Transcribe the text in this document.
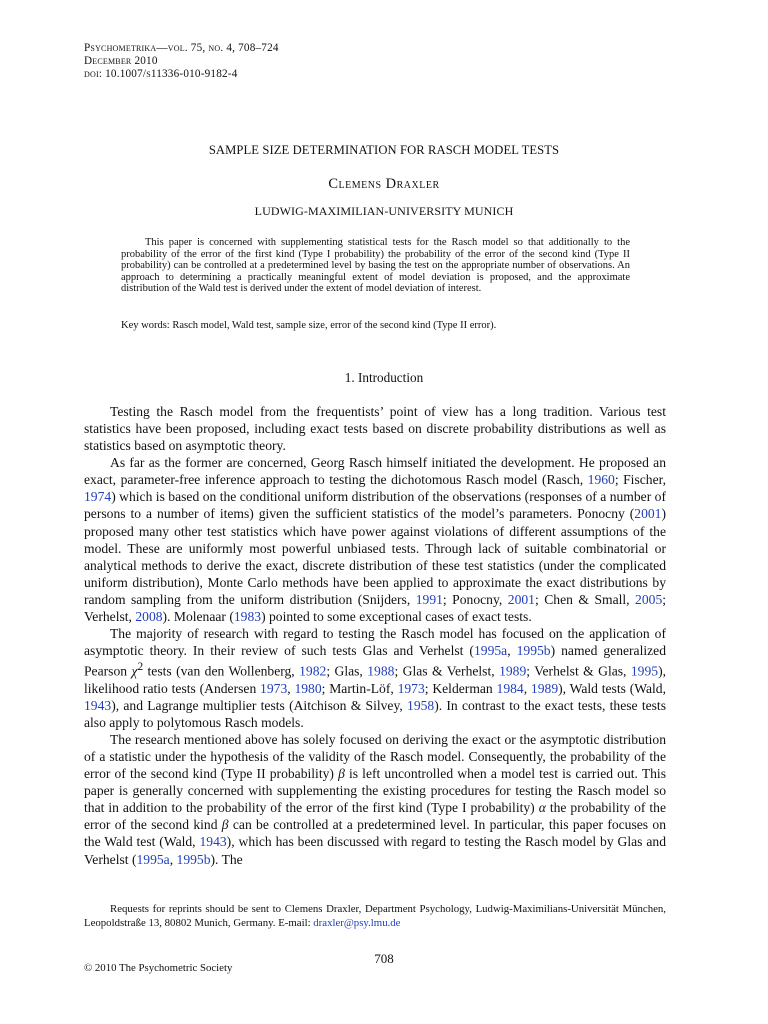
Psychometrika—vol. 75, no. 4, 708–724
December 2010
doi: 10.1007/s11336-010-9182-4
SAMPLE SIZE DETERMINATION FOR RASCH MODEL TESTS
Clemens Draxler
LUDWIG-MAXIMILIAN-UNIVERSITY MUNICH
This paper is concerned with supplementing statistical tests for the Rasch model so that additionally to the probability of the error of the first kind (Type I probability) the probability of the error of the second kind (Type II probability) can be controlled at a predetermined level by basing the test on the appropriate number of observations. An approach to determining a practically meaningful extent of model deviation is proposed, and the approximate distribution of the Wald test is derived under the extent of model deviation of interest.
Key words: Rasch model, Wald test, sample size, error of the second kind (Type II error).
1. Introduction

Testing the Rasch model from the frequentists’ point of view has a long tradition. Various test statistics have been proposed, including exact tests based on discrete probability distributions as well as statistics based on asymptotic theory.

As far as the former are concerned, Georg Rasch himself initiated the development. He proposed an exact, parameter-free inference approach to testing the dichotomous Rasch model (Rasch, 1960; Fischer, 1974) which is based on the conditional uniform distribution of the observations (responses of a number of persons to a number of items) given the sufficient statistics of the model’s parameters. Ponocny (2001) proposed many other test statistics which have power against violations of different assumptions of the model. These are uniformly most powerful unbiased tests. Through lack of suitable combinatorial or analytical methods to derive the exact, discrete distribution of these test statistics (under the complicated uniform distribution), Monte Carlo methods have been applied to approximate the exact distributions by random sampling from the uniform distribution (Snijders, 1991; Ponocny, 2001; Chen & Small, 2005; Verhelst, 2008). Molenaar (1983) pointed to some exceptional cases of exact tests.

The majority of research with regard to testing the Rasch model has focused on the application of asymptotic theory. In their review of such tests Glas and Verhelst (1995a, 1995b) named generalized Pearson $\chi^2$ tests (van den Wollenberg, 1982; Glas, 1988; Glas & Verhelst, 1989; Verhelst & Glas, 1995), likelihood ratio tests (Andersen 1973, 1980; Martin-Löf, 1973; Kelderman 1984, 1989), Wald tests (Wald, 1943), and Lagrange multiplier tests (Aitchison & Silvey, 1958). In contrast to the exact tests, these tests also apply to polytomous Rasch models.

The research mentioned above has solely focused on deriving the exact or the asymptotic distribution of a statistic under the hypothesis of the validity of the Rasch model. Consequently, the probability of the error of the second kind (Type II probability) β is left uncontrolled when a model test is carried out. This paper is generally concerned with supplementing the existing procedures for testing the Rasch model so that in addition to the probability of the error of the first kind (Type I probability) α the probability of the error of the second kind β can be controlled at a predetermined level. In particular, this paper focuses on the Wald test (Wald, 1943), which has been discussed with regard to testing the Rasch model by Glas and Verhelst (1995a, 1995b). The

Requests for reprints should be sent to Clemens Draxler, Department Psychology, Ludwig-Maximilians-Universität München, Leopoldstraße 13, 80802 Munich, Germany. E-mail: draxler@psy.lmu.de
708
© 2010 The Psychometric Society
